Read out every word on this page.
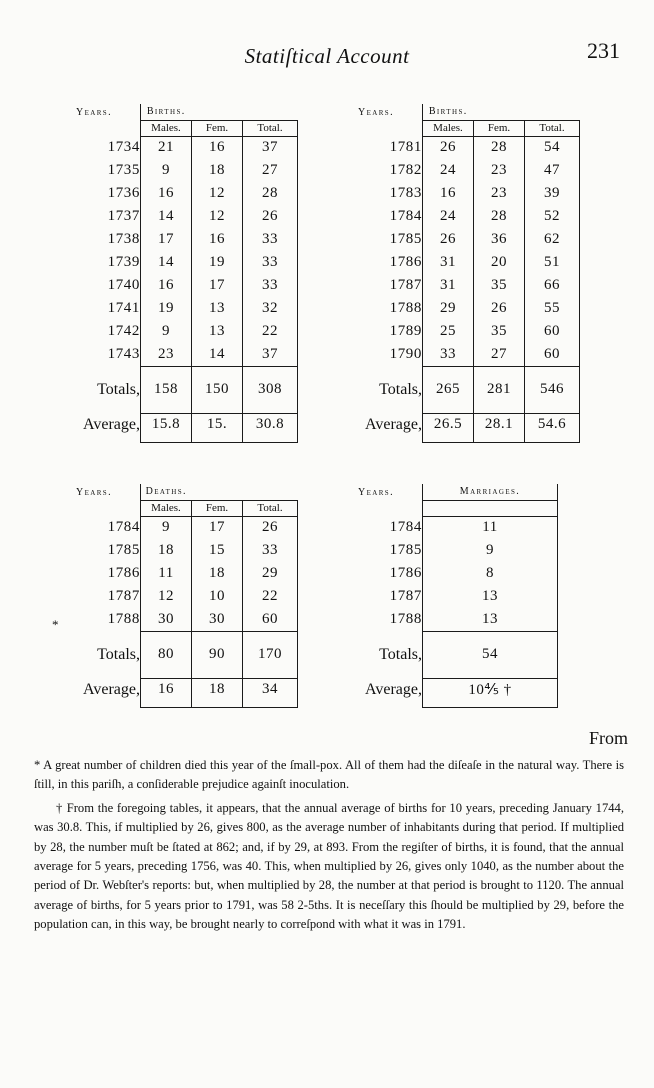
Statiſtical Account	231
Years.	Births.		
	Males.	Fem.	Total.
1734	21	16	37
1735	9	18	27
1736	16	12	28
1737	14	12	26
1738	17	16	33
1739	14	19	33
1740	16	17	33
1741	19	13	32
1742	9	13	22
1743	23	14	37

Totals,	158	150	308

Average,	15.8	15.	30.8

Years.	Births.		
	Males.	Fem.	Total.
1781	26	28	54
1782	24	23	47
1783	16	23	39
1784	24	28	52
1785	26	36	62
1786	31	20	51
1787	31	35	66
1788	29	26	55
1789	25	35	60
1790	33	27	60

Totals,	265	281	546

Average,	26.5	28.1	54.6

Years.	Deaths.		
	Males.	Fem.	Total.
1784	9	17	26
1785	18	15	33
1786	11	18	29
1787	12	10	22
1788	30	30	60

Totals,	80	90	170

Average,	16	18	34

*
Years.	Marriages.

1784	11
1785	9
1786	8
1787	13
1788	13

Totals,	54

Average,	10⅘ †

From

* A great number of children died this year of the ſmall-pox. All of them had the diſeaſe in the natural way. There is ſtill, in this pariſh, a conſiderable prejudice againſt inoculation.

† From the foregoing tables, it appears, that the annual average of births for 10 years, preceding January 1744, was 30.8. This, if multiplied by 26, gives 800, as the average number of inhabitants during that period. If multiplied by 28, the number muſt be ſtated at 862; and, if by 29, at 893. From the regiſter of births, it is found, that the annual average for 5 years, preceding 1756, was 40. This, when multiplied by 26, gives only 1040, as the number about the period of Dr. Webſter's reports: but, when multiplied by 28, the number at that period is brought to 1120. The annual average of births, for 5 years prior to 1791, was 58 2-5ths. It is neceſſary this ſhould be multiplied by 29, before the population can, in this way, be brought nearly to correſpond with what it was in 1791.
